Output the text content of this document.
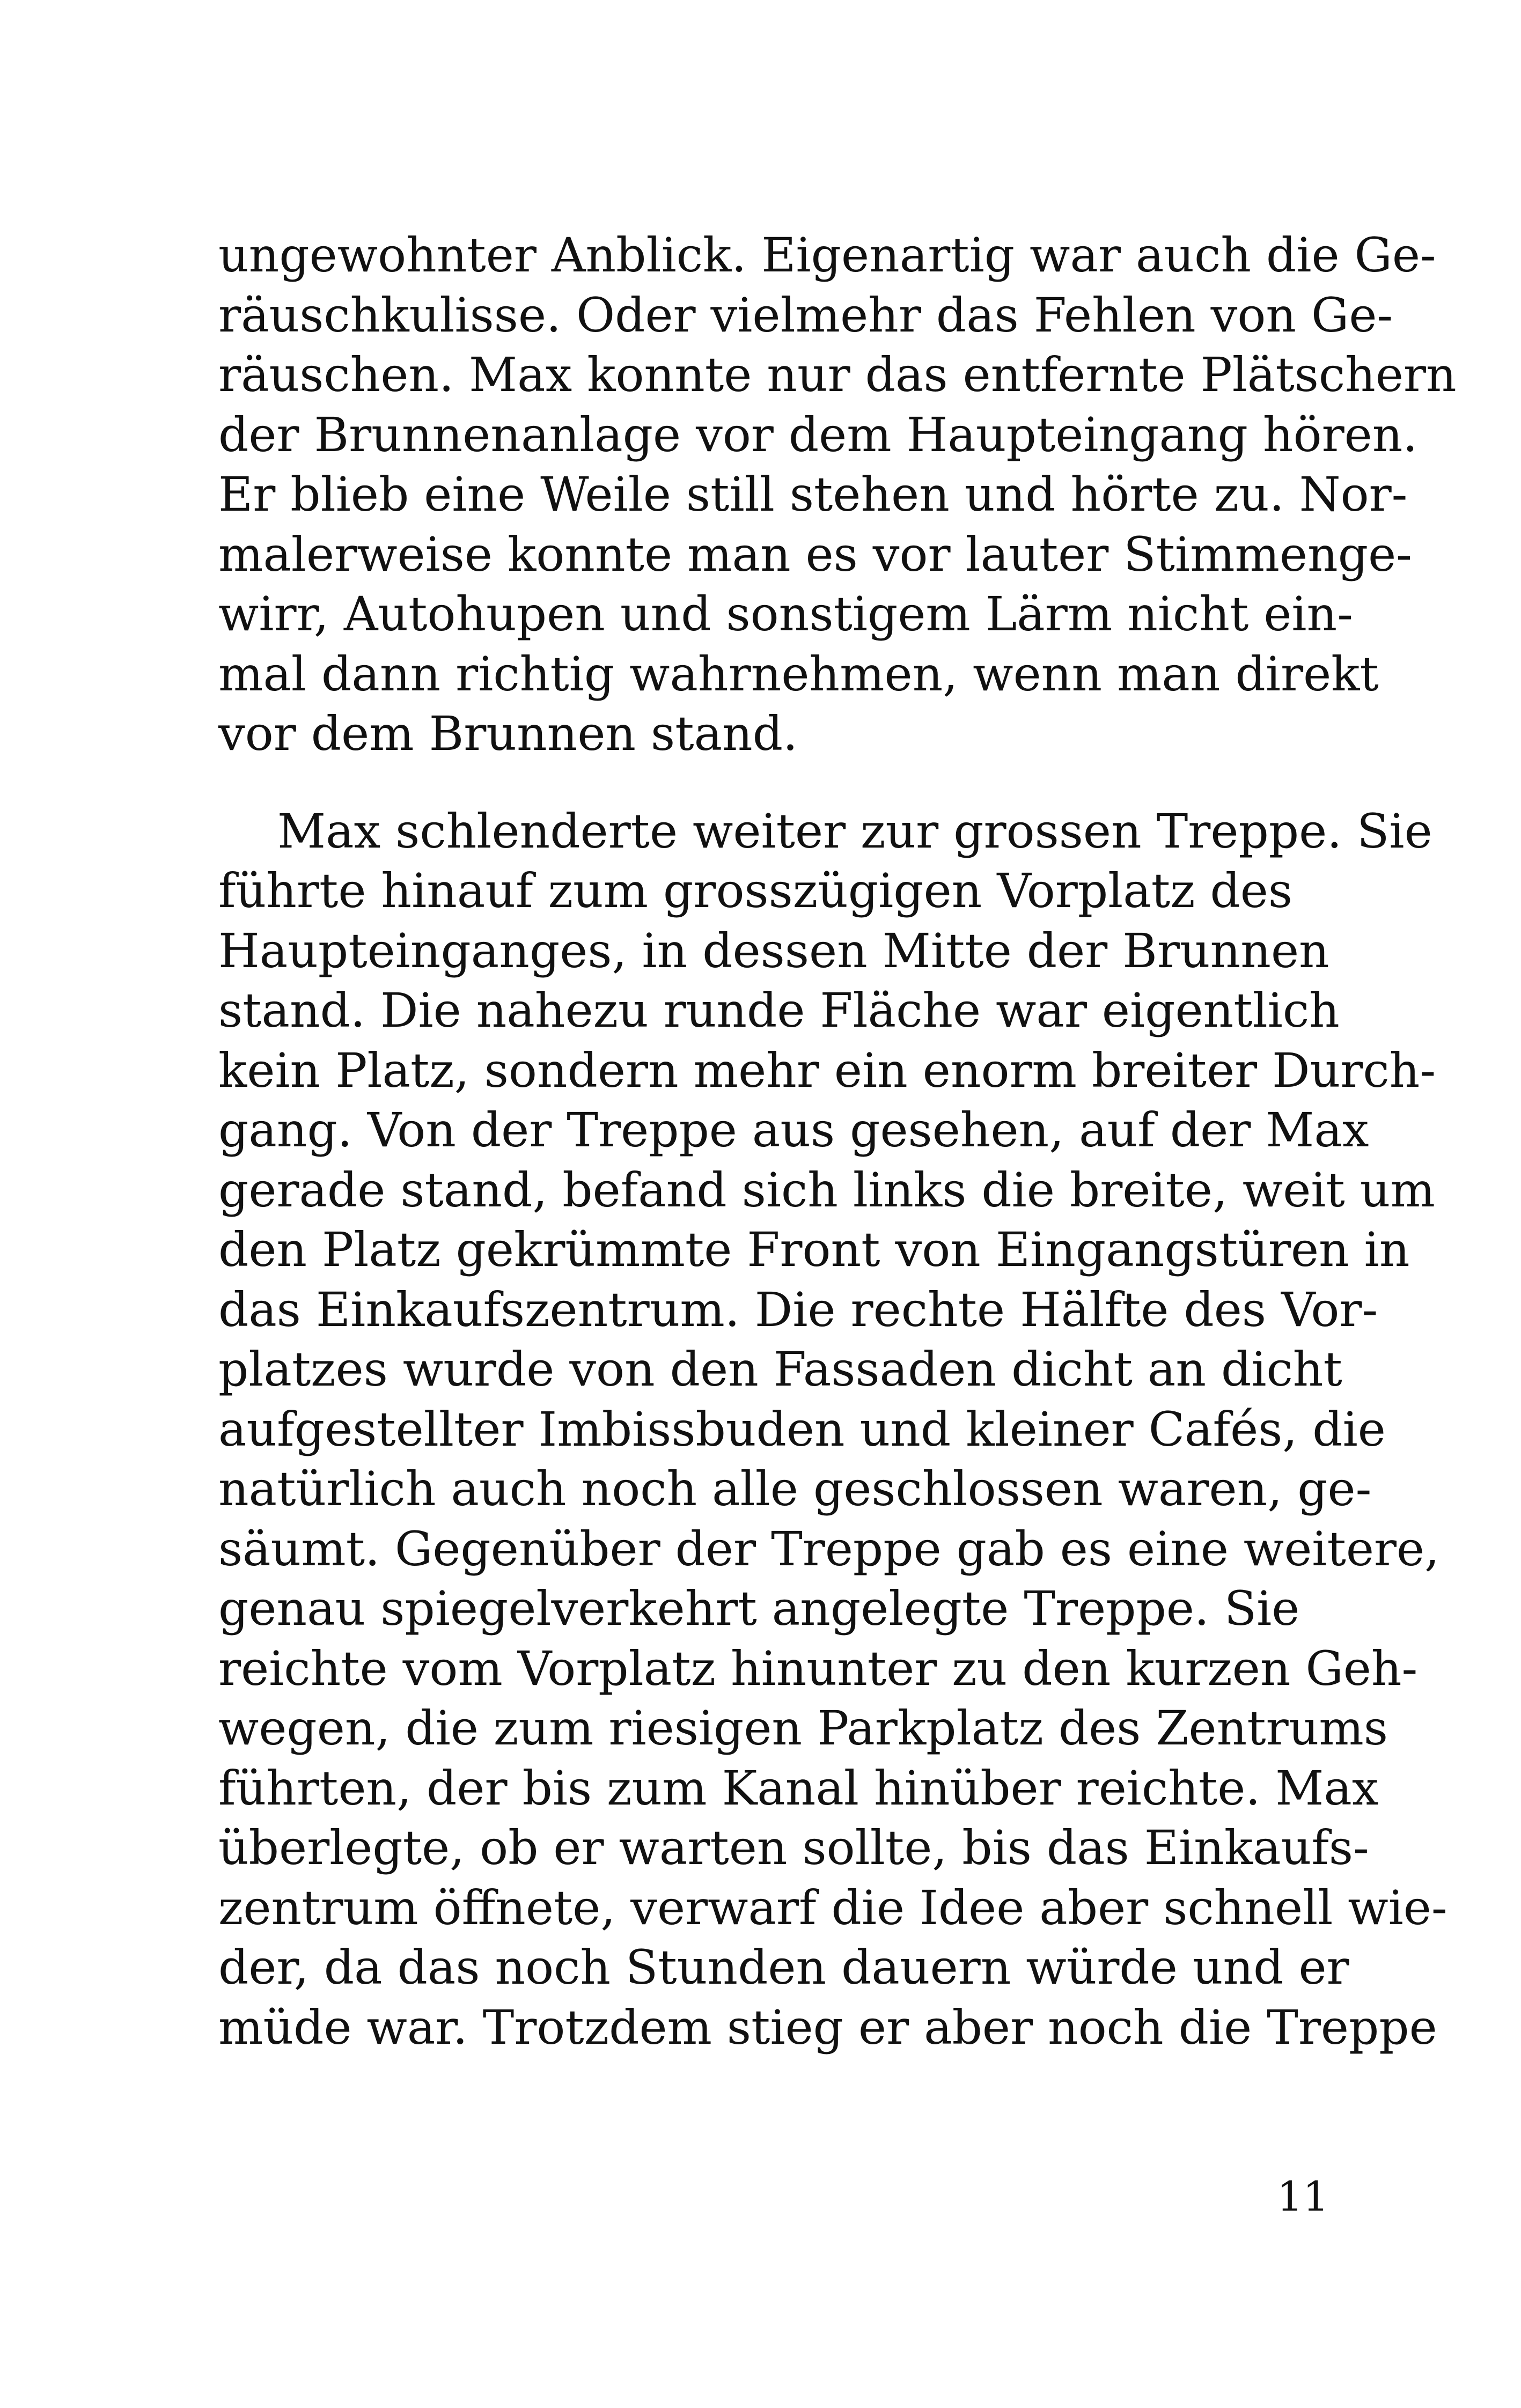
ungewohnter Anblick. Eigenartig war auch die Ge-
räuschkulisse. Oder vielmehr das Fehlen von Ge-
räuschen. Max konnte nur das entfernte Plätschern
der Brunnenanlage vor dem Haupteingang hören.
Er blieb eine Weile still stehen und hörte zu. Nor-
malerweise konnte man es vor lauter Stimmenge-
wirr, Autohupen und sonstigem Lärm nicht ein-
mal dann richtig wahrnehmen, wenn man direkt
vor dem Brunnen stand.
Max schlenderte weiter zur grossen Treppe. Sie
führte hinauf zum grosszügigen Vorplatz des
Haupteinganges, in dessen Mitte der Brunnen
stand. Die nahezu runde Fläche war eigentlich
kein Platz, sondern mehr ein enorm breiter Durch-
gang. Von der Treppe aus gesehen, auf der Max
gerade stand, befand sich links die breite, weit um
den Platz gekrümmte Front von Eingangstüren in
das Einkaufszentrum. Die rechte Hälfte des Vor-
platzes wurde von den Fassaden dicht an dicht
aufgestellter Imbissbuden und kleiner Cafés, die
natürlich auch noch alle geschlossen waren, ge-
säumt. Gegenüber der Treppe gab es eine weitere,
genau spiegelverkehrt angelegte Treppe. Sie
reichte vom Vorplatz hinunter zu den kurzen Geh-
wegen, die zum riesigen Parkplatz des Zentrums
führten, der bis zum Kanal hinüber reichte. Max
überlegte, ob er warten sollte, bis das Einkaufs-
zentrum öffnete, verwarf die Idee aber schnell wie-
der, da das noch Stunden dauern würde und er
müde war. Trotzdem stieg er aber noch die Treppe
11
